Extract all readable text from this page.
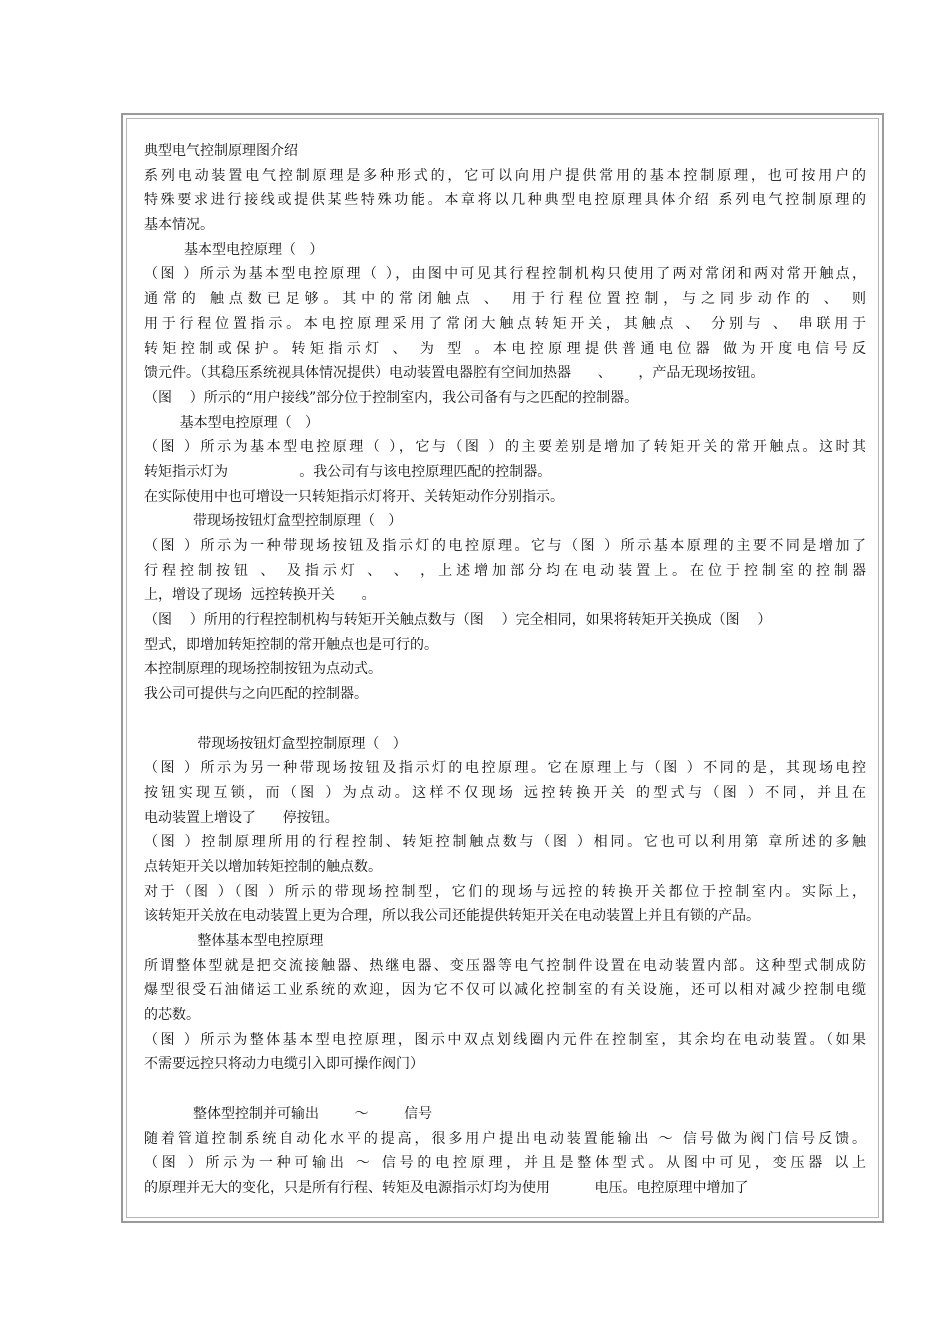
典型电气控制原理图介绍
系列电动装置电气控制原理是多种形式的，它可以向用户提供常用的基本控制原理，也可按用户的
特殊要求进行接线或提供某些特殊功能。本章将以几种典型电控原理具体介绍 系列电气控制原理的
基本情况。
基本型电控原理（   ）
（图 ）所示为基本型电控原理（ ），由图中可见其行程控制机构只使用了两对常闭和两对常开触点，
通常的 触点数已足够。其中的常闭触点 、 用于行程位置控制，与之同步动作的 、 则
用于行程位置指示。本电控原理采用了常闭大触点转矩开关，其触点 、 分别与 、 串联用于
转矩控制或保护。转矩指示灯 、 为 型 。本电控原理提供普通电位器 做为开度电信号反
馈元件。（其稳压系统视具体情况提供）电动装置电器腔有空间加热器      、      ，产品无现场按钮。
（图    ）所示的“用户接线”部分位于控制室内，我公司备有与之匹配的控制器。
基本型电控原理（   ）
（图 ）所示为基本型电控原理（ ），它与（图 ）的主要差别是增加了转矩开关的常开触点。这时其
转矩指示灯为                。我公司有与该电控原理匹配的控制器。
在实际使用中也可增设一只转矩指示灯将开、关转矩动作分别指示。
带现场按钮灯盒型控制原理（   ）
（图 ）所示为一种带现场按钮及指示灯的电控原理。它与（图 ）所示基本原理的主要不同是增加了
行程控制按钮 、 及指示灯 、 、 ，上述增加部分均在电动装置上。在位于控制室的控制器
上，增设了现场  远控转换开关      。
（图    ）所用的行程控制机构与转矩开关触点数与（图    ）完全相同，如果将转矩开关换成（图    ）
型式，即增加转矩控制的常开触点也是可行的。
本控制原理的现场控制按钮为点动式。
我公司可提供与之向匹配的控制器。
带现场按钮灯盒型控制原理（   ）
（图 ）所示为另一种带现场按钮及指示灯的电控原理。它在原理上与（图 ）不同的是，其现场电控
按钮实现互锁，而（图 ）为点动。这样不仅现场 远控转换开关 的型式与（图 ）不同，并且在
电动装置上增设了      停按钮。
（图 ）控制原理所用的行程控制、转矩控制触点数与（图 ）相同。它也可以利用第 章所述的多触
点转矩开关以增加转矩控制的触点数。
对于（图 ）（图 ）所示的带现场控制型，它们的现场与远控的转换开关都位于控制室内。实际上，
该转矩开关放在电动装置上更为合理，所以我公司还能提供转矩开关在电动装置上并且有锁的产品。
整体基本型电控原理
所谓整体型就是把交流接触器、热继电器、变压器等电气控制件设置在电动装置内部。这种型式制成防
爆型很受石油储运工业系统的欢迎，因为它不仅可以减化控制室的有关设施，还可以相对减少控制电缆
的芯数。
（图 ）所示为整体基本型电控原理，图示中双点划线圈内元件在控制室，其余均在电动装置。（如果
不需要远控只将动力电缆引入即可操作阀门）
整体型控制并可输出        ～        信号
随着管道控制系统自动化水平的提高，很多用户提出电动装置能输出 ～ 信号做为阀门信号反馈。
（图 ）所示为一种可输出 ～ 信号的电控原理，并且是整体型式。从图中可见，变压器 以上
的原理并无大的变化，只是所有行程、转矩及电源指示灯均为使用          电压。电控原理中增加了
